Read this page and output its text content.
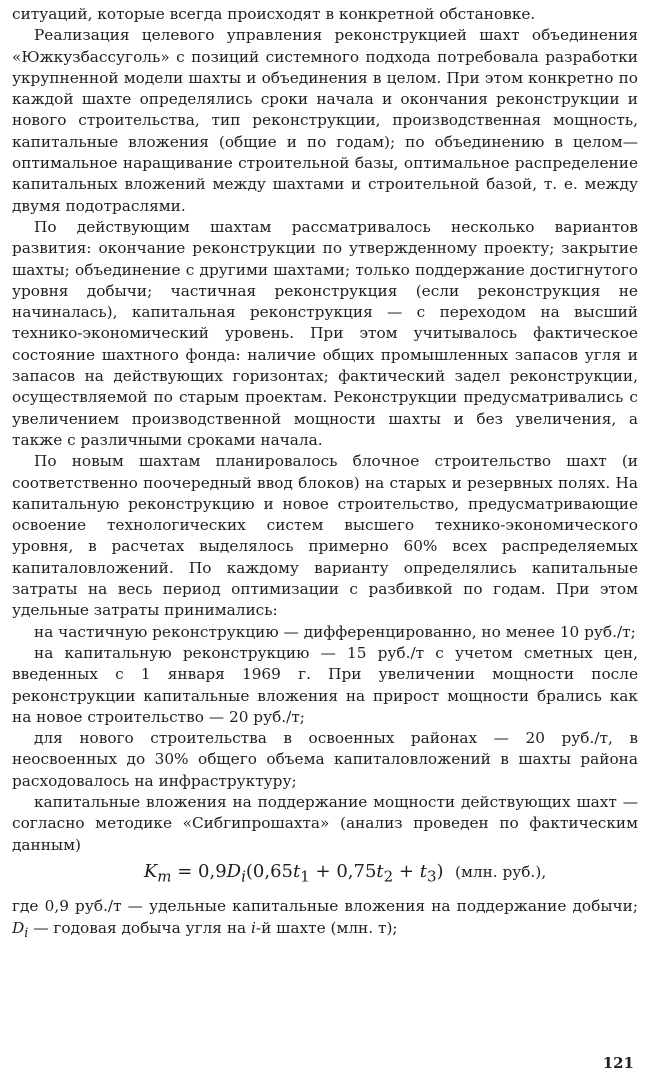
ситуаций, которые всегда происходят в конкретной обстановке.

Реализация целевого управления реконструкцией шахт объединения «Южкузбассуголь» с позиций системного подхода потребовала разработки укрупненной модели шахты и объединения в целом. При этом конкретно по каждой шахте определялись сроки начала и окончания реконструкции и нового строительства, тип реконструкции, производственная мощность, капитальные вложения (общие и по годам); по объединению в целом—оптимальное наращивание строительной базы, оптимальное распределение капитальных вложений между шахтами и строительной базой, т. е. между двумя подотраслями.

По действующим шахтам рассматривалось несколько вариантов развития: окончание реконструкции по утвержденному проекту; закрытие шахты; объединение с другими шахтами; только поддержание достигнутого уровня добычи; частичная реконструкция (если реконструкция не начиналась), капитальная реконструкция — с переходом на высший технико-экономический уровень. При этом учитывалось фактическое состояние шахтного фонда: наличие общих промышленных запасов угля и запасов на действующих горизонтах; фактический задел реконструкции, осуществляемой по старым проектам. Реконструкции предусматривались с увеличением производственной мощности шахты и без увеличения, а также с различными сроками начала.

По новым шахтам планировалось блочное строительство шахт (и соответственно поочередный ввод блоков) на старых и резервных полях. На капитальную реконструкцию и новое строительство, предусматривающие освоение технологических систем высшего технико-экономического уровня, в расчетах выделялось примерно 60% всех распределяемых капиталовложений. По каждому варианту определялись капитальные затраты на весь период оптимизации с разбивкой по годам. При этом удельные затраты принимались:

на частичную реконструкцию — дифференцированно, но менее 10 руб./т;

на капитальную реконструкцию — 15 руб./т с учетом сметных цен, введенных с 1 января 1969 г. При увеличении мощности после реконструкции капитальные вложения на прирост мощности брались как на новое строительство — 20 руб./т;

для нового строительства в освоенных районах — 20 руб./т, в неосвоенных до 30% общего объема капиталовложений в шахты района расходовалось на инфраструктуру;

капитальные вложения на поддержание мощности действующих шахт — согласно методике «Сибгипрошахта» (анализ проведен по фактическим данным)

$K_m = 0,9D_i(0,65t_1 + 0,75t_2 + t_3)$ (млн. руб.),

где 0,9 руб./т — удельные капитальные вложения на поддержание добычи; $D_i$ — годовая добыча угля на i-й шахте (млн. т);

121
